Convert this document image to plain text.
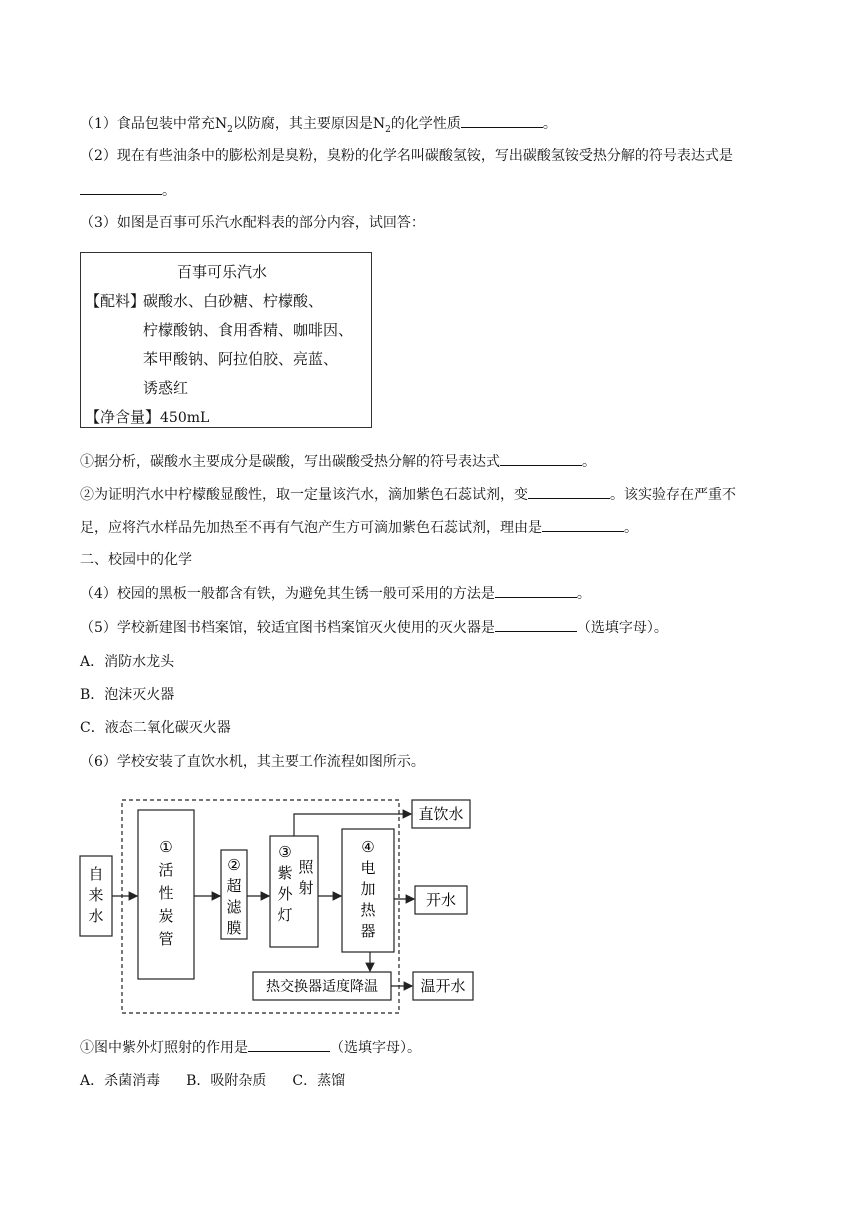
（1）食品包装中常充$N_2$以防腐，其主要原因是$N_2$的化学性质	。
（2）现在有些油条中的膨松剂是臭粉，臭粉的化学名叫碳酸氢铵，写出碳酸氢铵受热分解的符号表达式是
。
（3）如图是百事可乐汽水配料表的部分内容，试回答：
百事可乐汽水
【配料】
碳酸水、白砂糖、柠檬酸、
柠檬酸钠、食用香精、咖啡因、
苯甲酸钠、阿拉伯胶、亮蓝、
诱惑红
【净含量】450mL
①据分析，碳酸水主要成分是碳酸，写出碳酸受热分解的符号表达式	。
②为证明汽水中柠檬酸显酸性，取一定量该汽水，滴加紫色石蕊试剂，变	。该实验存在严重不
足，应将汽水样品先加热至不再有气泡产生方可滴加紫色石蕊试剂，理由是	。
二、校园中的化学
（4）校园的黑板一般都含有铁，为避免其生锈一般可采用的方法是	。
（5）学校新建图书档案馆，较适宜图书档案馆灭火使用的灭火器是	（选填字母）。
A．消防水龙头
B．泡沫灭火器
C．液态二氧化碳灭火器
（6）学校安装了直饮水机，其主要工作流程如图所示。
自
来
水
①
活
性
炭
管
②
超
滤
膜
③
紫
外
灯
照
射
④
电
加
热
器
热交换器适度降温
直饮水
开水
温开水
①图中紫外灯照射的作用是	（选填字母）。
A．杀菌消毒 B．吸附杂质 C．蒸馏
